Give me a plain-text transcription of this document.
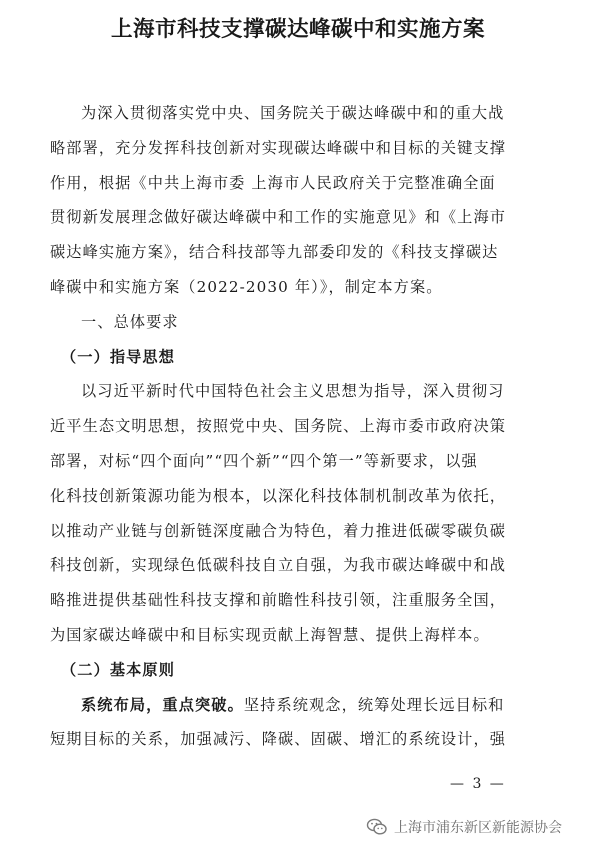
上海市科技支撑碳达峰碳中和实施方案
为深入贯彻落实党中央、国务院关于碳达峰碳中和的重大战
略部署，充分发挥科技创新对实现碳达峰碳中和目标的关键支撑
作用，根据《中共上海市委 上海市人民政府关于完整准确全面
贯彻新发展理念做好碳达峰碳中和工作的实施意见》和《上海市
碳达峰实施方案》，结合科技部等九部委印发的《科技支撑碳达
峰碳中和实施方案（2022-2030 年）》，制定本方案。
一、总体要求
（一）指导思想
以习近平新时代中国特色社会主义思想为指导，深入贯彻习
近平生态文明思想，按照党中央、国务院、上海市委市政府决策
部署，对标“四个面向”“四个新”“四个第一”等新要求，以强
化科技创新策源功能为根本，以深化科技体制机制改革为依托，
以推动产业链与创新链深度融合为特色，着力推进低碳零碳负碳
科技创新，实现绿色低碳科技自立自强，为我市碳达峰碳中和战
略推进提供基础性科技支撑和前瞻性科技引领，注重服务全国，
为国家碳达峰碳中和目标实现贡献上海智慧、提供上海样本。
（二）基本原则
系统布局，重点突破。坚持系统观念，统筹处理长远目标和
短期目标的关系，加强减污、降碳、固碳、增汇的系统设计，强
— 3 —
上海市浦东新区新能源协会
